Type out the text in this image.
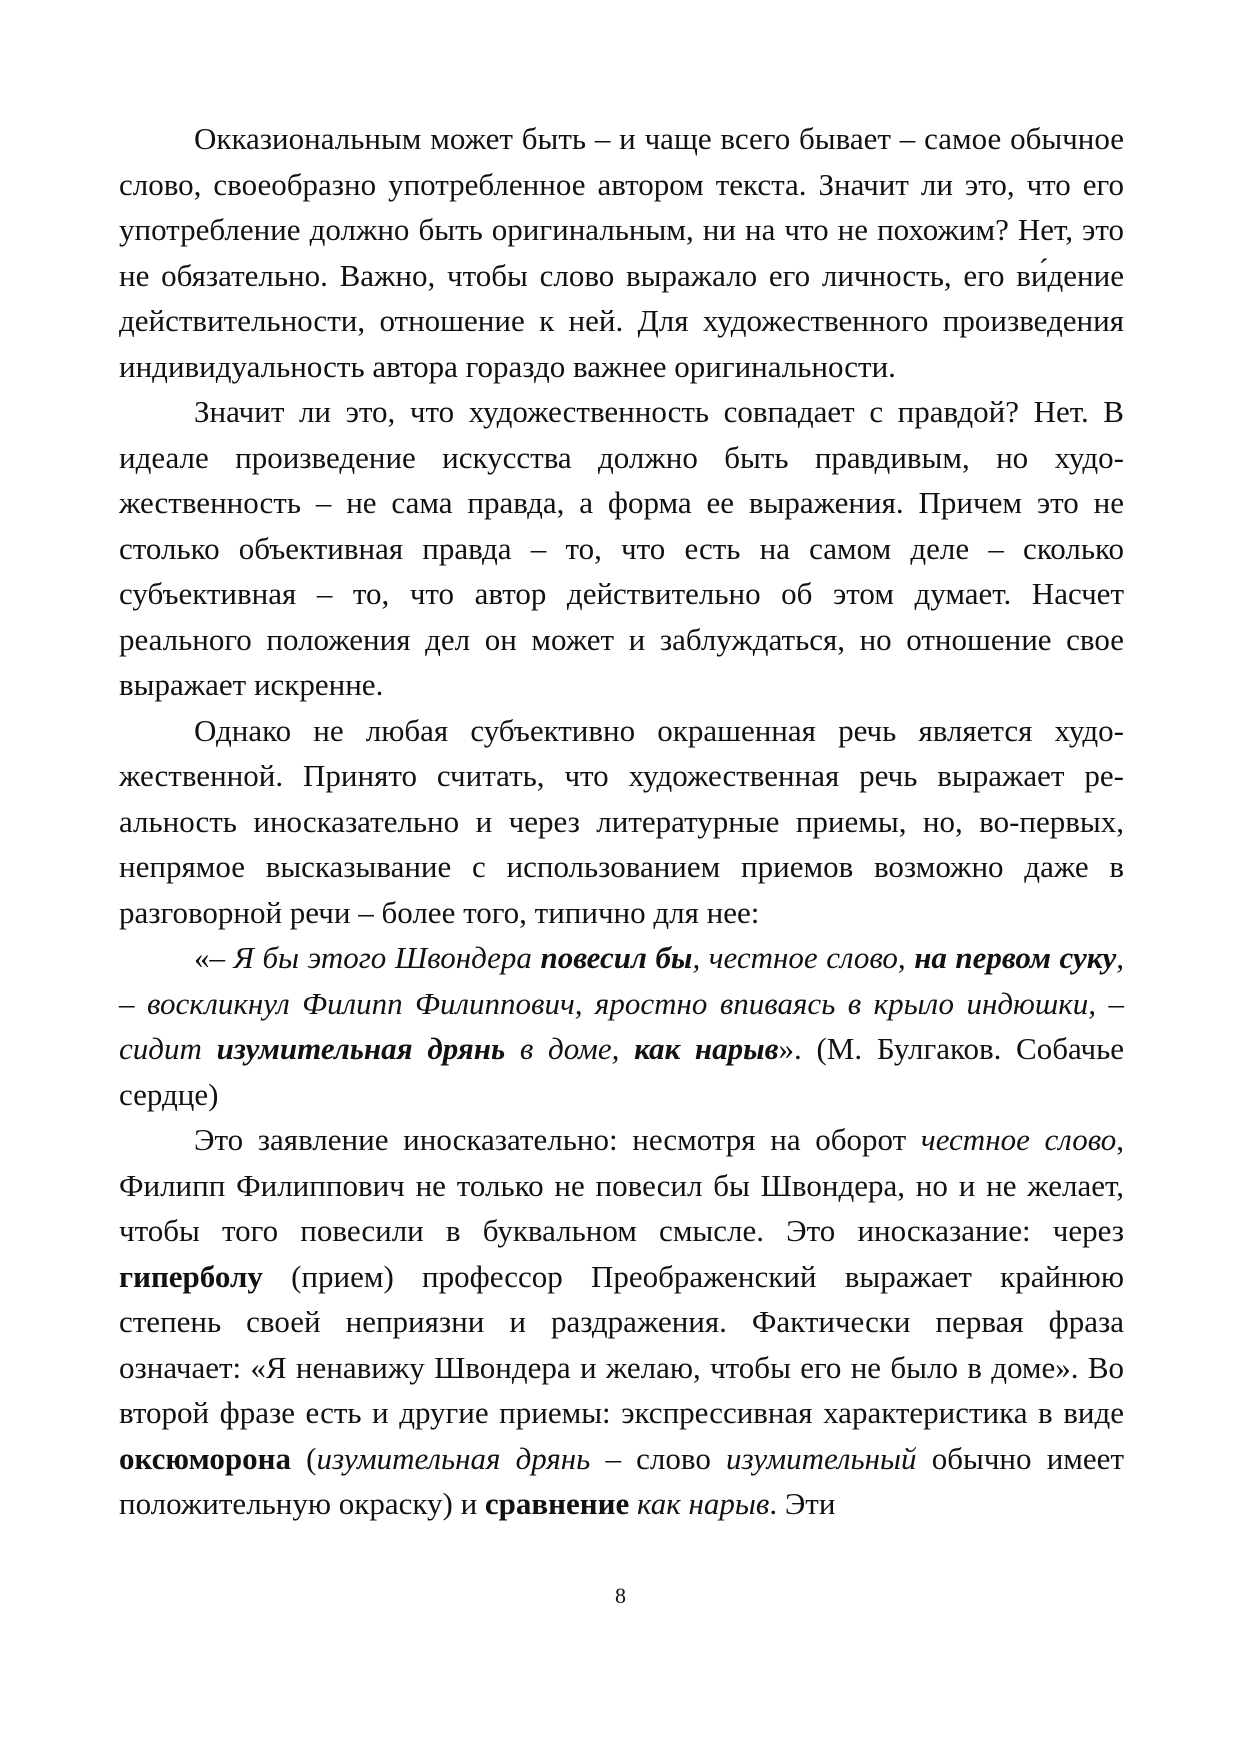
Окказиональным может быть – и чаще всего бывает – самое обычное слово, своеобразно употребленное автором текста. Значит ли это, что его употребление должно быть оригинальным, ни на что не похожим? Нет, это не обязательно. Важно, чтобы слово выражало его личность, его ви́дение действительности, отношение к ней. Для художественного произведения индивидуальность автора гораздо важнее оригинальности.

Значит ли это, что художественность совпадает с правдой? Нет. В идеале произведение искусства должно быть правдивым, но художественность – не сама правда, а форма ее выражения. Причем это не столько объективная правда – то, что есть на самом деле – сколько субъективная – то, что автор действительно об этом думает. Насчет реального положения дел он может и заблуждаться, но отношение свое выражает искренне.

Однако не любая субъективно окрашенная речь является художественной. Принято считать, что художественная речь выражает реальность иносказательно и через литературные приемы, но, во-первых, непрямое высказывание с использованием приемов возможно даже в разговорной речи – более того, типично для нее:

«– Я бы этого Швондера повесил бы, честное слово, на первом суку, – воскликнул Филипп Филиппович, яростно впиваясь в крыло индюшки, – сидит изумительная дрянь в доме, как нарыв». (М. Булгаков. Собачье сердце)

Это заявление иносказательно: несмотря на оборот честное слово, Филипп Филиппович не только не повесил бы Швондера, но и не желает, чтобы того повесили в буквальном смысле. Это иносказание: через гиперболу (прием) профессор Преображенский выражает крайнюю степень своей неприязни и раздражения. Фактически первая фраза означает: «Я ненавижу Швондера и желаю, чтобы его не было в доме». Во второй фразе есть и другие приемы: экспрессивная характеристика в виде оксюморона (изумительная дрянь – слово изумительный обычно имеет положительную окраску) и сравнение как нарыв. Эти

8
